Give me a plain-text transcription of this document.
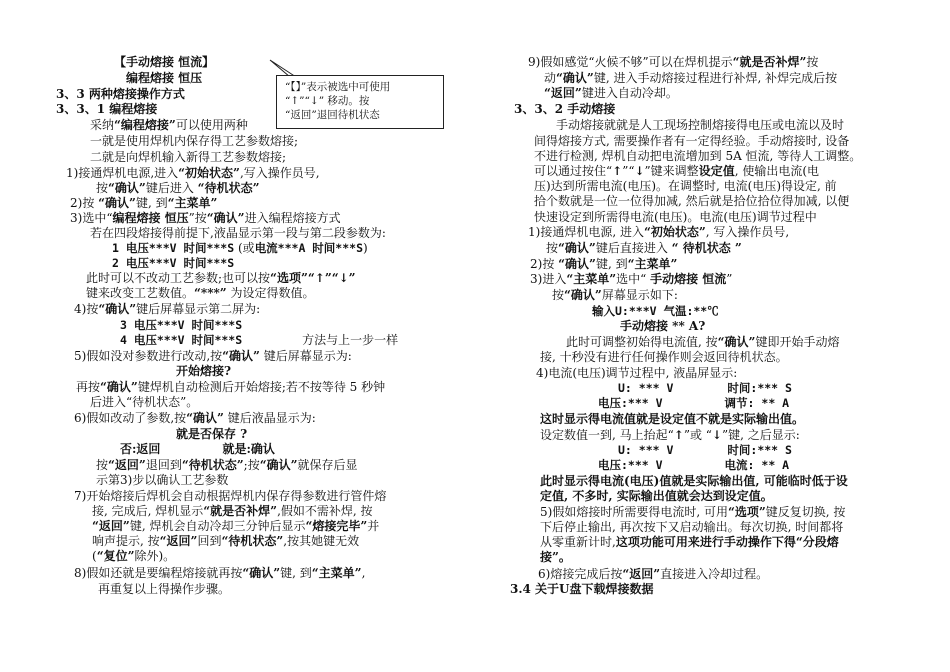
【手动熔接 恒流】
编程熔接 恒压
3、3 两种熔接操作方式
3、3、1 编程熔接
采纳“编程熔接”可以使用两种
一就是使用焊机内保存得工艺参数熔接;
二就是向焊机输入新得工艺参数熔接;
1)接通焊机电源,进入“初始状态”,写入操作员号,
按“确认”键后进入 “待机状态”
2)按 “确认”键, 到“主菜单”
3)选中“编程熔接 恒压”按“确认”进入编程熔接方式
若在四段熔接得前提下,液晶显示第一段与第二段参数为:
1 电压***V 时间***S (或电流***A 时间***S)
2 电压***V 时间***S
此时可以不改动工艺参数;也可以按“选项”“↑”“↓”
键来改变工艺数值。“***” 为设定得数值。
4)按“确认”键后屏幕显示第二屏为:
3 电压***V 时间***S
4 电压***V 时间***S	方法与上一步一样
5)假如没对参数进行改动,按“确认” 键后屏幕显示为:
开始熔接?
再按“确认”键焊机自动检测后开始熔接;若不按等待 5 秒钟
后进入“待机状态”。
6)假如改动了参数,按“确认” 键后液晶显示为:
就是否保存 ?
否:返回	就是:确认
按“返回”退回到“待机状态”;按“确认”就保存后显
示第3)步以确认工艺参数
7)开始熔接后焊机会自动根据焊机内保存得参数进行管件熔
接, 完成后, 焊机显示“就是否补焊”,假如不需补焊, 按
“返回”键, 焊机会自动冷却三分钟后显示“熔接完毕”并
响声提示, 按“返回”回到“待机状态”,按其她键无效
(“复位”除外)。
8)假如还就是要编程熔接就再按“确认”键, 到“主菜单”,
再重复以上得操作步骤。
“【】”表示被选中可使用
“↑”“↓” 移动。按
“返回”退回待机状态
9)假如感觉“火候不够”可以在焊机提示“就是否补焊”按
动“确认”键, 进入手动熔接过程进行补焊, 补焊完成后按
“返回”键进入自动冷却。
3、3、2 手动熔接
手动熔接就就是人工现场控制熔接得电压或电流以及时
间得熔接方式, 需要操作者有一定得经验。手动熔接时, 设备
不进行检测, 焊机自动把电流增加到 5A 恒流, 等待人工调整。
可以通过按住“↑”“↓”键来调整设定值, 使输出电流(电
压)达到所需电流(电压)。在调整时, 电流(电压)得设定, 前
拾个数就是一位一位得加减, 然后就是拾位拾位得加减, 以便
快速设定到所需得电流(电压)。电流(电压)调节过程中
1)接通焊机电源, 进入“初始状态”, 写入操作员号,
按“确认”键后直接进入 “ 待机状态 ”
2)按 “确认”键, 到“主菜单”
3)进入“主菜单”选中“ 手动熔接 恒流”
按“确认”屏幕显示如下:
输入U:***V 气温:**℃
手动熔接 ** A?
此时可调整初始得电流值, 按“确认”键即开始手动熔
接, 十秒没有进行任何操作则会返回待机状态。
4)电流(电压)调节过程中, 液晶屏显示:
U: *** V	时间:*** S
电压:*** V	调节: ** A
这时显示得电流值就是设定值不就是实际输出值。
设定数值一到, 马上抬起“↑”或 “↓”键, 之后显示:
U: *** V	时间:*** S
电压:*** V	电流: ** A
此时显示得电流(电压)值就是实际输出值, 可能临时低于设
定值, 不多时, 实际输出值就会达到设定值。
5)假如熔接时所需要得电流时, 可用“选项”键反复切换, 按
下后停止输出, 再次按下又启动输出。每次切换, 时间都将
从零重新计时,这项功能可用来进行手动操作下得“分段熔
接”。
6)熔接完成后按“返回”直接进入冷却过程。
3.4 关于U盘下载焊接数据
